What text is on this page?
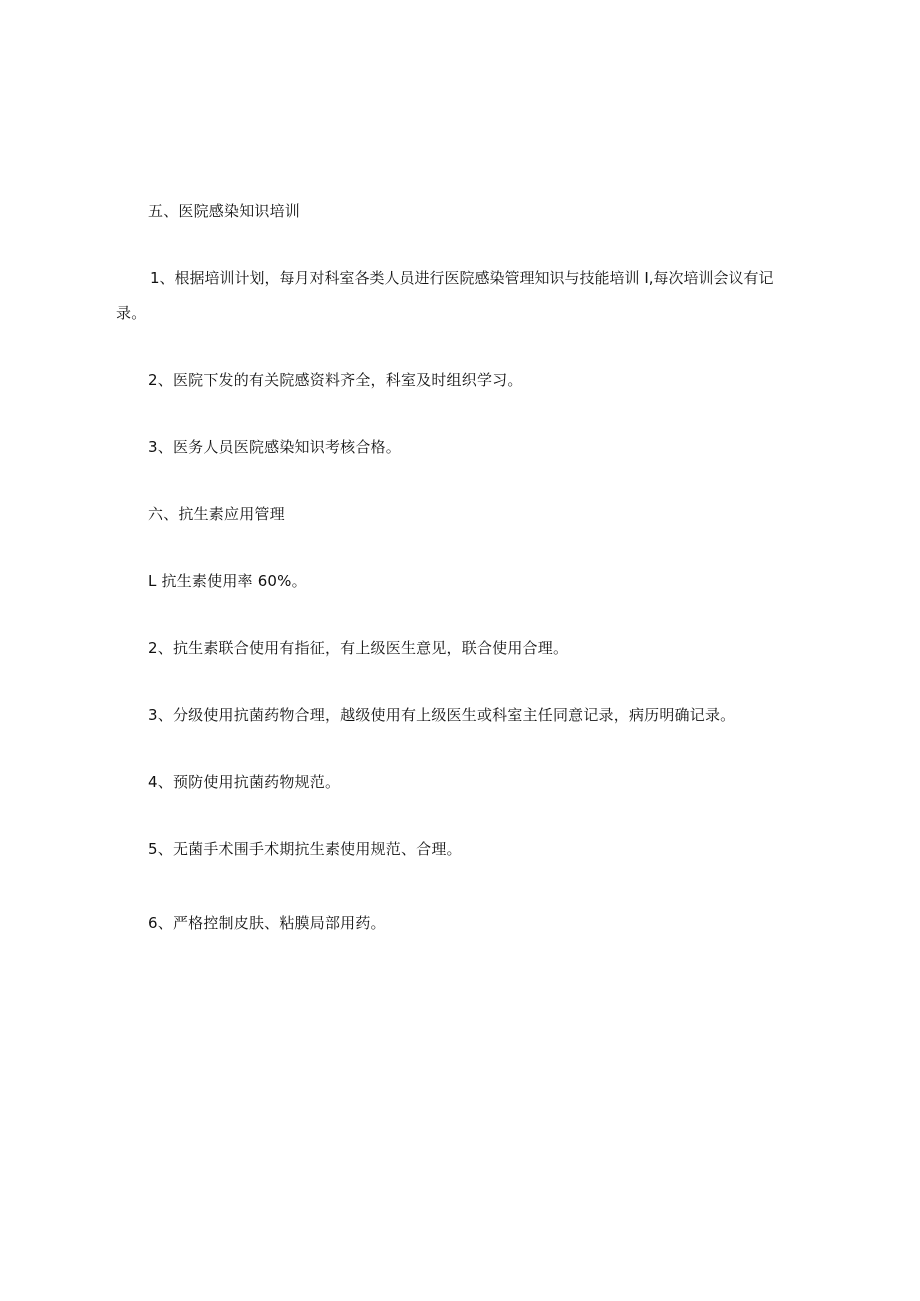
五、医院感染知识培训
1、根据培训计划，每月对科室各类人员进行医院感染管理知识与技能培训 I,每次培训会议有记
录。
2、医院下发的有关院感资料齐全，科室及时组织学习。
3、医务人员医院感染知识考核合格。
六、抗生素应用管理
L 抗生素使用率 60%。
2、抗生素联合使用有指征，有上级医生意见，联合使用合理。
3、分级使用抗菌药物合理，越级使用有上级医生或科室主任同意记录，病历明确记录。
4、预防使用抗菌药物规范。
5、无菌手术围手术期抗生素使用规范、合理。
6、严格控制皮肤、粘膜局部用药。
